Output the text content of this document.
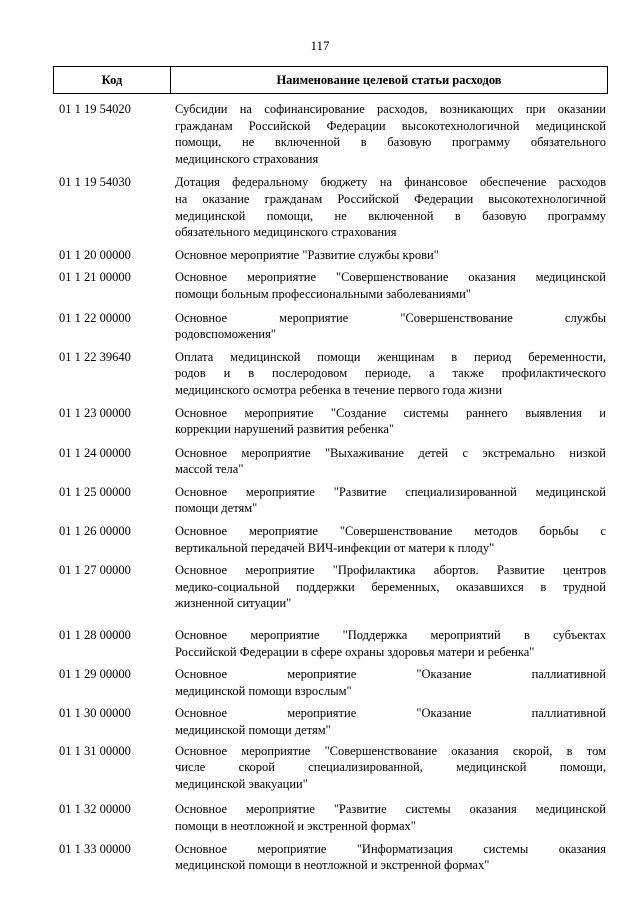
117
Код	Наименование целевой статьи расходов
01 1 19 54020	Субсидии на софинансирование расходов, возникающих при оказании
гражданам Российской Федерации высокотехнологичной медицинской
помощи, не включенной в базовую программу обязательного
медицинского страхования
01 1 19 54030	Дотация федеральному бюджету на финансовое обеспечение расходов
на оказание гражданам Российской Федерации высокотехнологичной
медицинской помощи, не включенной в базовую программу
обязательного медицинского страхования
01 1 20 00000	Основное мероприятие "Развитие службы крови"
01 1 21 00000	Основное мероприятие "Совершенствование оказания медицинской
помощи больным профессиональными заболеваниями"
01 1 22 00000	Основное мероприятие "Совершенствование службы
родовспоможения"
01 1 22 39640	Оплата медицинской помощи женщинам в период беременности,
родов и в послеродовом периоде, а также профилактического
медицинского осмотра ребенка в течение первого года жизни
01 1 23 00000	Основное мероприятие "Создание системы раннего выявления и
коррекции нарушений развития ребенка"
01 1 24 00000	Основное мероприятие "Выхаживание детей с экстремально низкой
массой тела"
01 1 25 00000	Основное мероприятие "Развитие специализированной медицинской
помощи детям"
01 1 26 00000	Основное мероприятие "Совершенствование методов борьбы с
вертикальной передачей ВИЧ-инфекции от матери к плоду"
01 1 27 00000	Основное мероприятие "Профилактика абортов. Развитие центров
медико-социальной поддержки беременных, оказавшихся в трудной
жизненной ситуации"
01 1 28 00000	Основное мероприятие "Поддержка мероприятий в субъектах
Российской Федерации в сфере охраны здоровья матери и ребенка"
01 1 29 00000	Основное мероприятие "Оказание паллиативной
медицинской помощи взрослым"
01 1 30 00000	Основное мероприятие "Оказание паллиативной
медицинской помощи детям"
01 1 31 00000	Основное мероприятие "Совершенствование оказания скорой, в том
числе скорой специализированной, медицинской помощи,
медицинской эвакуации"
01 1 32 00000	Основное мероприятие "Развитие системы оказания медицинской
помощи в неотложной и экстренной формах"
01 1 33 00000	Основное мероприятие "Информатизация системы оказания
медицинской помощи в неотложной и экстренной формах"
